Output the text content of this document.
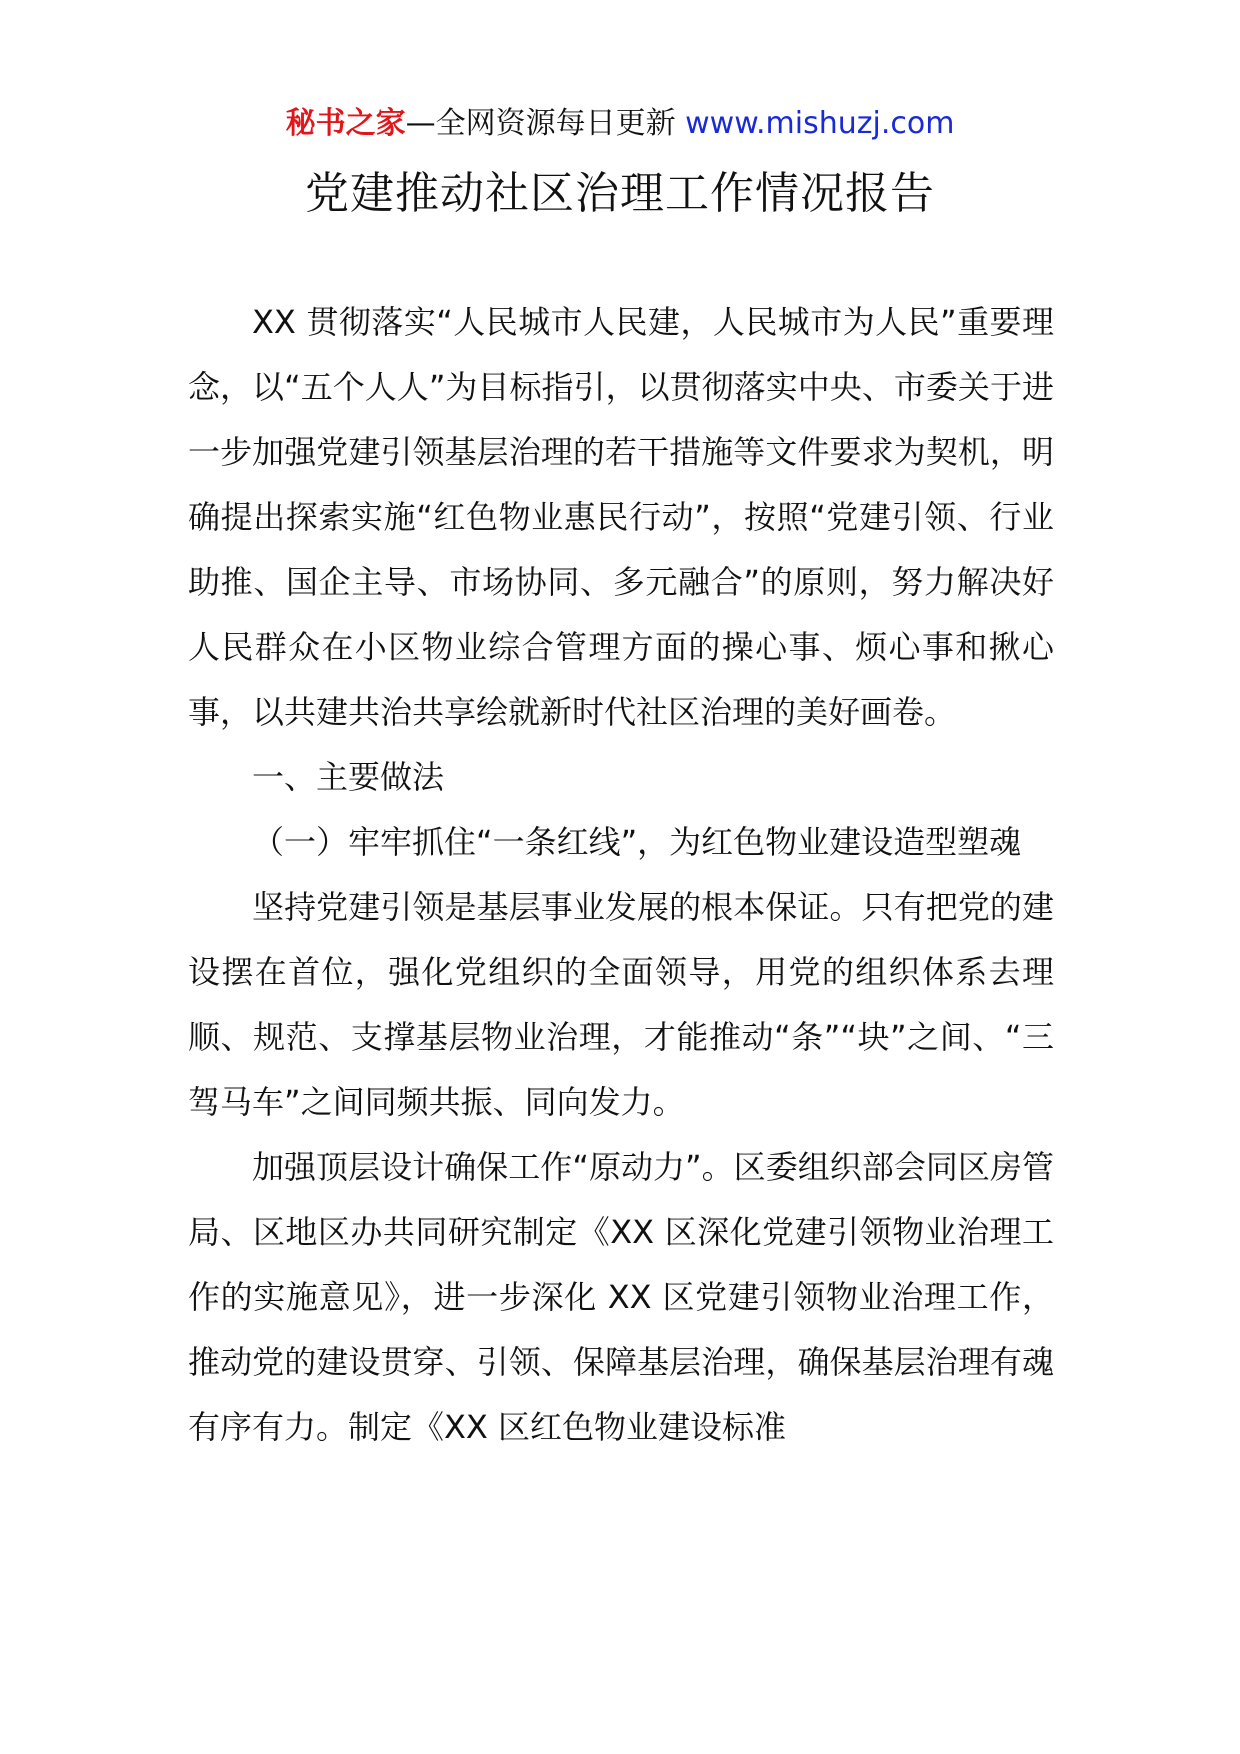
秘书之家—全网资源每日更新 www.mishuzj.com
党建推动社区治理工作情况报告

XX 贯彻落实“人民城市人民建，人民城市为人民”重要理念，以“五个人人”为目标指引，以贯彻落实中央、市委关于进一步加强党建引领基层治理的若干措施等文件要求为契机，明确提出探索实施“红色物业惠民行动”，按照“党建引领、行业助推、国企主导、市场协同、多元融合”的原则，努力解决好人民群众在小区物业综合管理方面的操心事、烦心事和揪心事，以共建共治共享绘就新时代社区治理的美好画卷。

一、主要做法

（一）牢牢抓住“一条红线”，为红色物业建设造型塑魂

坚持党建引领是基层事业发展的根本保证。只有把党的建设摆在首位，强化党组织的全面领导，用党的组织体系去理顺、规范、支撑基层物业治理，才能推动“条”“块”之间、“三驾马车”之间同频共振、同向发力。

加强顶层设计确保工作“原动力”。区委组织部会同区房管局、区地区办共同研究制定《XX 区深化党建引领物业治理工作的实施意见》，进一步深化 XX 区党建引领物业治理工作，推动党的建设贯穿、引领、保障基层治理，确保基层治理有魂有序有力。制定《XX 区红色物业建设标准
